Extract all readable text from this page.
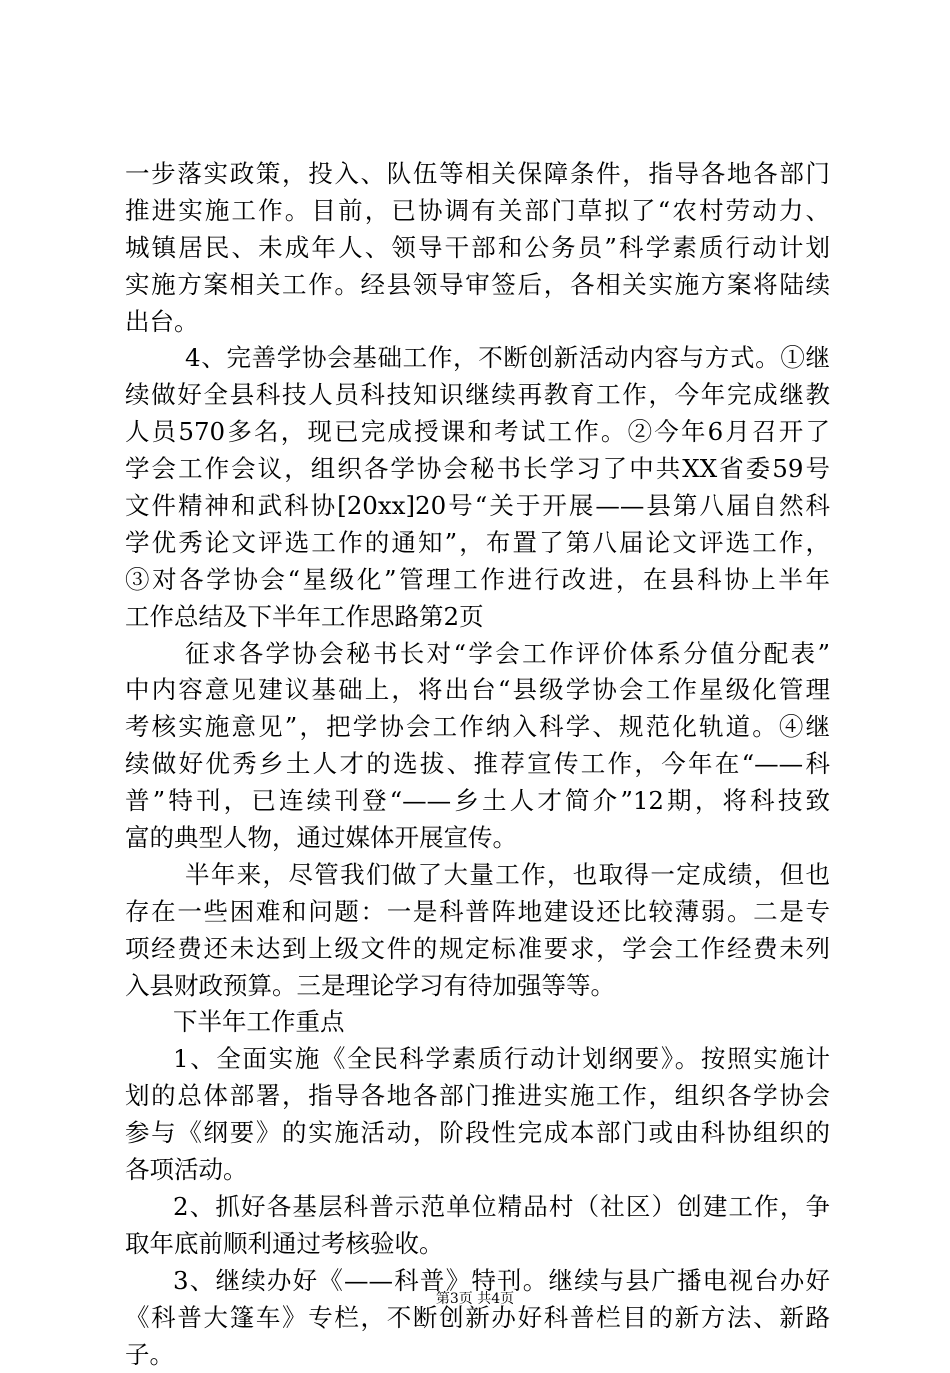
一步落实政策，投入、队伍等相关保障条件，指导各地各部门
推进实施工作。目前，已协调有关部门草拟了“农村劳动力、
城镇居民、未成年人、领导干部和公务员”科学素质行动计划
实施方案相关工作。经县领导审签后，各相关实施方案将陆续
出台。
4、完善学协会基础工作，不断创新活动内容与方式。①继
续做好全县科技人员科技知识继续再教育工作，今年完成继教
人员570多名，现已完成授课和考试工作。②今年6月召开了
学会工作会议，组织各学协会秘书长学习了中共XX省委59号
文件精神和武科协[20xx]20号“关于开展——县第八届自然科
学优秀论文评选工作的通知”，布置了第八届论文评选工作，
③对各学协会“星级化”管理工作进行改进，在县科协上半年
工作总结及下半年工作思路第2页
征求各学协会秘书长对“学会工作评价体系分值分配表”
中内容意见建议基础上，将出台“县级学协会工作星级化管理
考核实施意见”，把学协会工作纳入科学、规范化轨道。④继
续做好优秀乡土人才的选拔、推荐宣传工作，今年在“——科
普”特刊，已连续刊登“——乡土人才简介”12期，将科技致
富的典型人物，通过媒体开展宣传。
半年来，尽管我们做了大量工作，也取得一定成绩，但也
存在一些困难和问题：一是科普阵地建设还比较薄弱。二是专
项经费还未达到上级文件的规定标准要求，学会工作经费未列
入县财政预算。三是理论学习有待加强等等。
下半年工作重点
1、全面实施《全民科学素质行动计划纲要》。按照实施计
划的总体部署，指导各地各部门推进实施工作，组织各学协会
参与《纲要》的实施活动，阶段性完成本部门或由科协组织的
各项活动。
2、抓好各基层科普示范单位精品村（社区）创建工作，争
取年底前顺利通过考核验收。
3、继续办好《——科普》特刊。继续与县广播电视台办好
《科普大篷车》专栏，不断创新办好科普栏目的新方法、新路
子。
第3页 共4页
